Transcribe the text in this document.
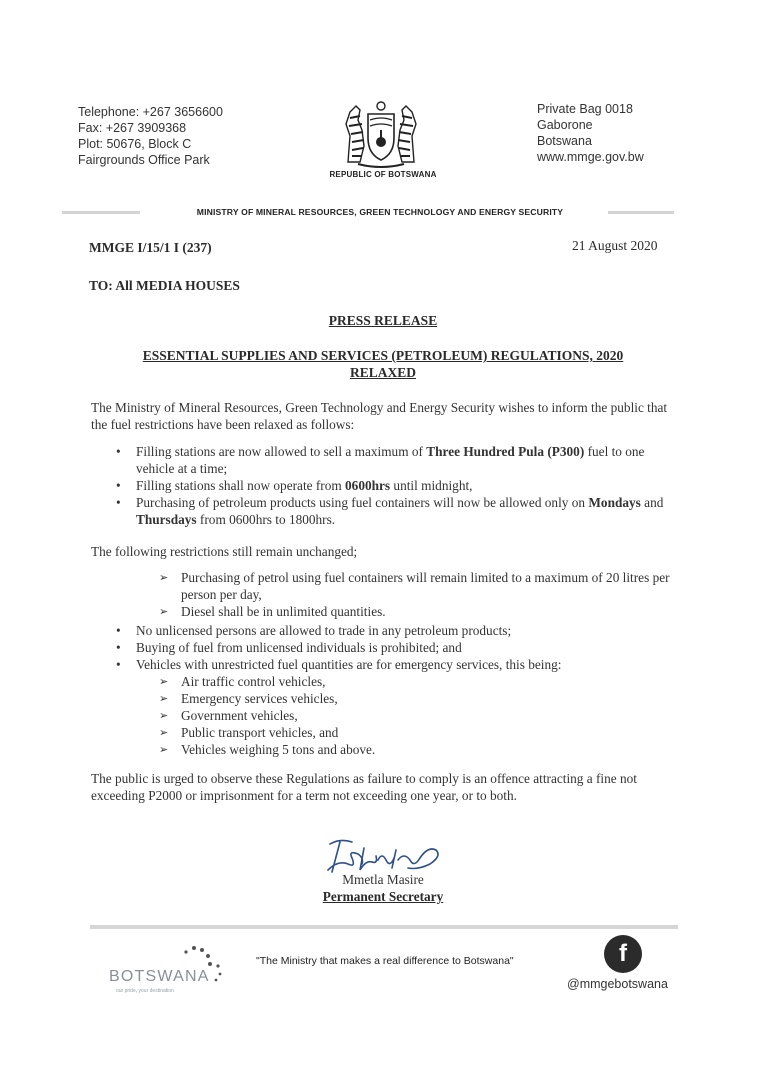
Telephone: +267 3656600
Fax: +267 3909368
Plot: 50676, Block C
Fairgrounds Office Park
REPUBLIC OF BOTSWANA
Private Bag 0018
Gaborone
Botswana
www.mmge.gov.bw
MINISTRY OF MINERAL RESOURCES, GREEN TECHNOLOGY AND ENERGY SECURITY
MMGE I/15/1 I (237)	21 August 2020
TO: All MEDIA HOUSES
PRESS RELEASE
ESSENTIAL SUPPLIES AND SERVICES (PETROLEUM) REGULATIONS, 2020
RELAXED

The Ministry of Mineral Resources, Green Technology and Energy Security wishes to inform the public that the fuel restrictions have been relaxed as follows:

• Filling stations are now allowed to sell a maximum of Three Hundred Pula (P300) fuel to one vehicle at a time;
• Filling stations shall now operate from 0600hrs until midnight,
• Purchasing of petroleum products using fuel containers will now be allowed only on Mondays and Thursdays from 0600hrs to 1800hrs.

The following restrictions still remain unchanged;

➢ Purchasing of petrol using fuel containers will remain limited to a maximum of 20 litres per person per day,
➢ Diesel shall be in unlimited quantities.
• No unlicensed persons are allowed to trade in any petroleum products;
• Buying of fuel from unlicensed individuals is prohibited; and
• Vehicles with unrestricted fuel quantities are for emergency services, this being:
➢ Air traffic control vehicles,
➢ Emergency services vehicles,
➢ Government vehicles,
➢ Public transport vehicles, and
➢ Vehicles weighing 5 tons and above.

The public is urged to observe these Regulations as failure to comply is an offence attracting a fine not exceeding P2000 or imprisonment for a term not exceeding one year, or to both.

Mmetla Masire
Permanent Secretary
BOTSWANA
our pride, your destination
"The Ministry that makes a real difference to Botswana"	f
@mmgebotswana
